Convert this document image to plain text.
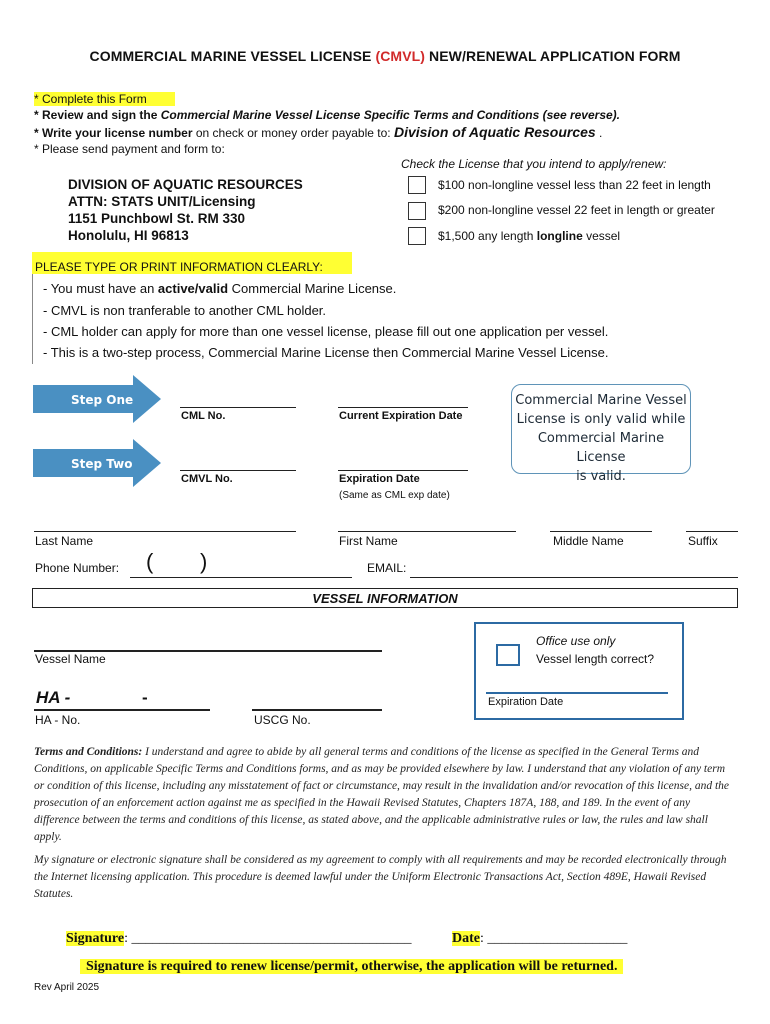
COMMERCIAL MARINE VESSEL LICENSE (CMVL) NEW/RENEWAL APPLICATION FORM
* Complete this Form
* Review and sign the Commercial Marine Vessel License Specific Terms and Conditions (see reverse).
* Write your license number on check or money order payable to: Division of Aquatic Resources .
* Please send payment and form to:
DIVISION OF AQUATIC RESOURCES
ATTN: STATS UNIT/Licensing
1151 Punchbowl St. RM 330
Honolulu, HI 96813
Check the License that you intend to apply/renew:
$100 non-longline vessel less than 22 feet in length
$200 non-longline vessel 22 feet in length or greater
$1,500 any length longline vessel
PLEASE TYPE OR PRINT INFORMATION CLEARLY:
- You must have an active/valid Commercial Marine License.
- CMVL is non tranferable to another CML holder.
- CML holder can apply for more than one vessel license, please fill out one application per vessel.
- This is a two-step process, Commercial Marine License then Commercial Marine Vessel License.
Step One
Step Two
CML No.	Current Expiration Date
CMVL No.	Expiration Date
(Same as CML exp date)
Commercial Marine Vessel
License is only valid while
Commercial Marine License
is valid.
Last Name	First Name	Middle Name	Suffix
Phone Number: ( )	EMAIL:
VESSEL INFORMATION
Vessel Name
HA -	-
HA - No.	USCG No.
Office use only
Vessel length correct?
Expiration Date
Terms and Conditions: I understand and agree to abide by all general terms and conditions of the license as specified in the General Terms and Conditions, on applicable Specific Terms and Conditions forms, and as may be provided elsewhere by law. I understand that any violation of any term or condition of this license, including any misstatement of fact or circumstance, may result in the invalidation and/or revocation of this license, and the prosecution of an enforcement action against me as specified in the Hawaii Revised Statutes, Chapters 187A, 188, and 189. In the event of any difference between the terms and conditions of this license, as stated above, and the applicable administrative rules or law, the rules and law shall apply.
My signature or electronic signature shall be considered as my agreement to comply with all requirements and may be recorded electronically through the Internet licensing application. This procedure is deemed lawful under the Uniform Electronic Transactions Act, Section 489E, Hawaii Revised Statutes.
Signature: ________________________________________	Date: ____________________
Signature is required to renew license/permit, otherwise, the application will be returned.
Rev April 2025
